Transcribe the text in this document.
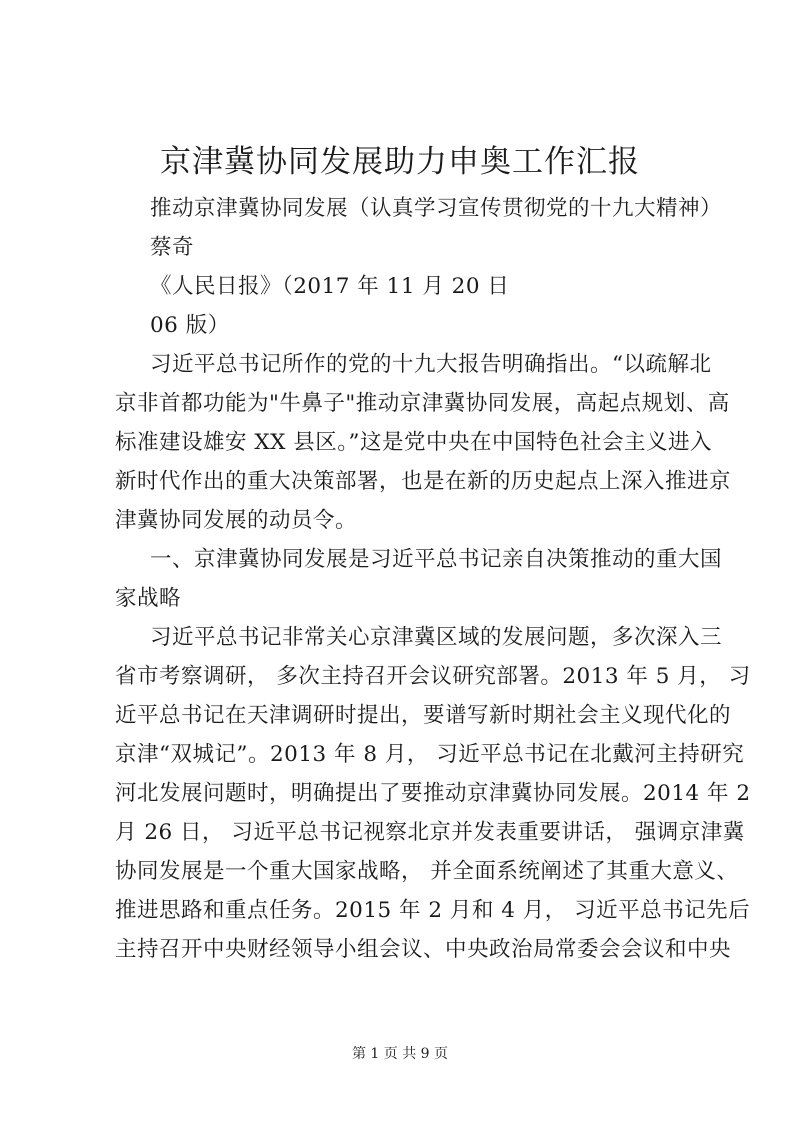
京津冀协同发展助力申奥工作汇报
推动京津冀协同发展（认真学习宣传贯彻党的十九大精神）
蔡奇
《人民日报》（2017 年 11 月 20 日
06 版）
习近平总书记所作的党的十九大报告明确指出。“以疏解北
京非首都功能为"牛鼻子"推动京津冀协同发展，高起点规划、高
标准建设雄安 XX 县区。”这是党中央在中国特色社会主义进入
新时代作出的重大决策部署，也是在新的历史起点上深入推进京
津冀协同发展的动员令。
一、京津冀协同发展是习近平总书记亲自决策推动的重大国
家战略
习近平总书记非常关心京津冀区域的发展问题，多次深入三
省市考察调研， 多次主持召开会议研究部署。2013 年 5 月， 习
近平总书记在天津调研时提出，要谱写新时期社会主义现代化的
京津“双城记”。2013 年 8 月， 习近平总书记在北戴河主持研究
河北发展问题时，明确提出了要推动京津冀协同发展。2014 年 2
月 26 日， 习近平总书记视察北京并发表重要讲话， 强调京津冀
协同发展是一个重大国家战略， 并全面系统阐述了其重大意义、
推进思路和重点任务。2015 年 2 月和 4 月， 习近平总书记先后
主持召开中央财经领导小组会议、中央政治局常委会会议和中央
第 1 页 共 9 页
